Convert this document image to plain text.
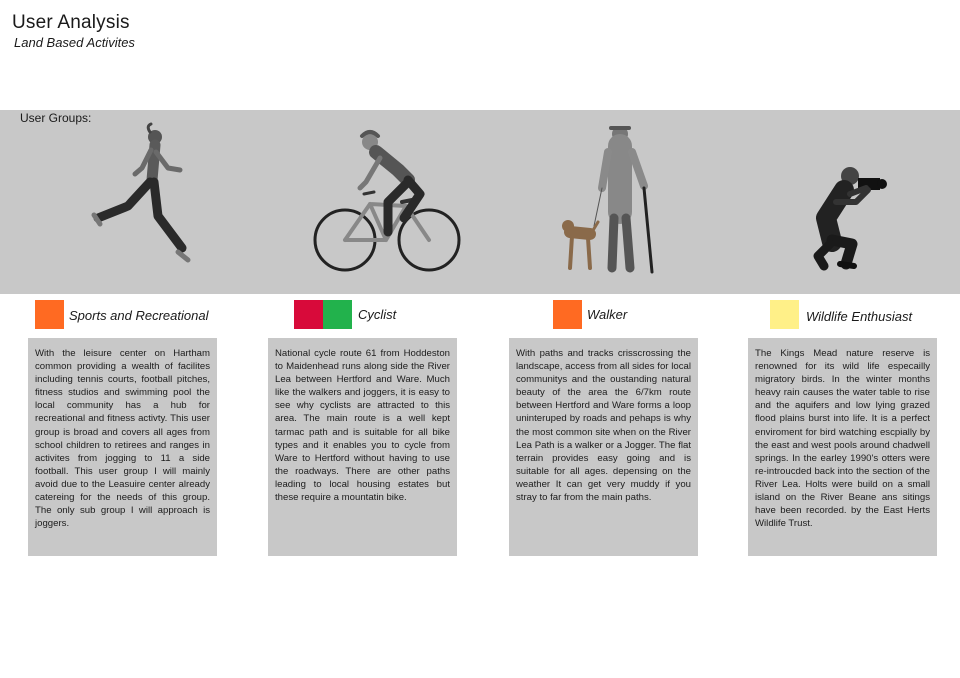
User Analysis
Land Based Activites
User Groups:
Sports and Recreational	Cyclist	Walker	Wildlife Enthusiast
With the leisure center on Hartham common providing a wealth of facilites including tennis courts, football pitches, fitness studios and swimming pool the local community has a hub for recreational and fitness activty. This user group is broad and covers all ages from school children to retirees and ranges in activites from jogging to 11 a side football. This user group I will mainly avoid due to the Leasuire center already catereing for the needs of this group. The only sub group I will approach is joggers.
National cycle route 61 from Hoddeston to Maidenhead runs along side the River Lea between Hertford and Ware. Much like the walkers and joggers, it is easy to see why cyclists are attracted to this area. The main route is a well kept tarmac path and is suitable for all bike types and it enables you to cycle from Ware to Hertford without having to use the roadways. There are other paths leading to local housing estates but these require a mountatin bike.
With paths and tracks crisscrossing the landscape, access from all sides for local communitys and the oustanding natural beauty of the area the 6/7km route between Hertford and Ware forms a loop uninteruped by roads and pehaps is why the most common site when on the River Lea Path is a walker or a Jogger. The flat terrain provides easy going and is suitable for all ages. depensing on the weather It can get very muddy if you stray to far from the main paths.
The Kings Mead nature reserve is renowned for its wild life especailly migratory birds. In the winter months heavy rain causes the water table to rise and the aquifers and low lying grazed flood plains burst into life. It is a perfect enviroment for bird watching escpially by the east and west pools around chadwell springs. In the earley 1990's otters were re-introucded back into the section of the River Lea. Holts were build on a small island on the River Beane ans sitings have been recorded. by the East Herts Wildlife Trust.
